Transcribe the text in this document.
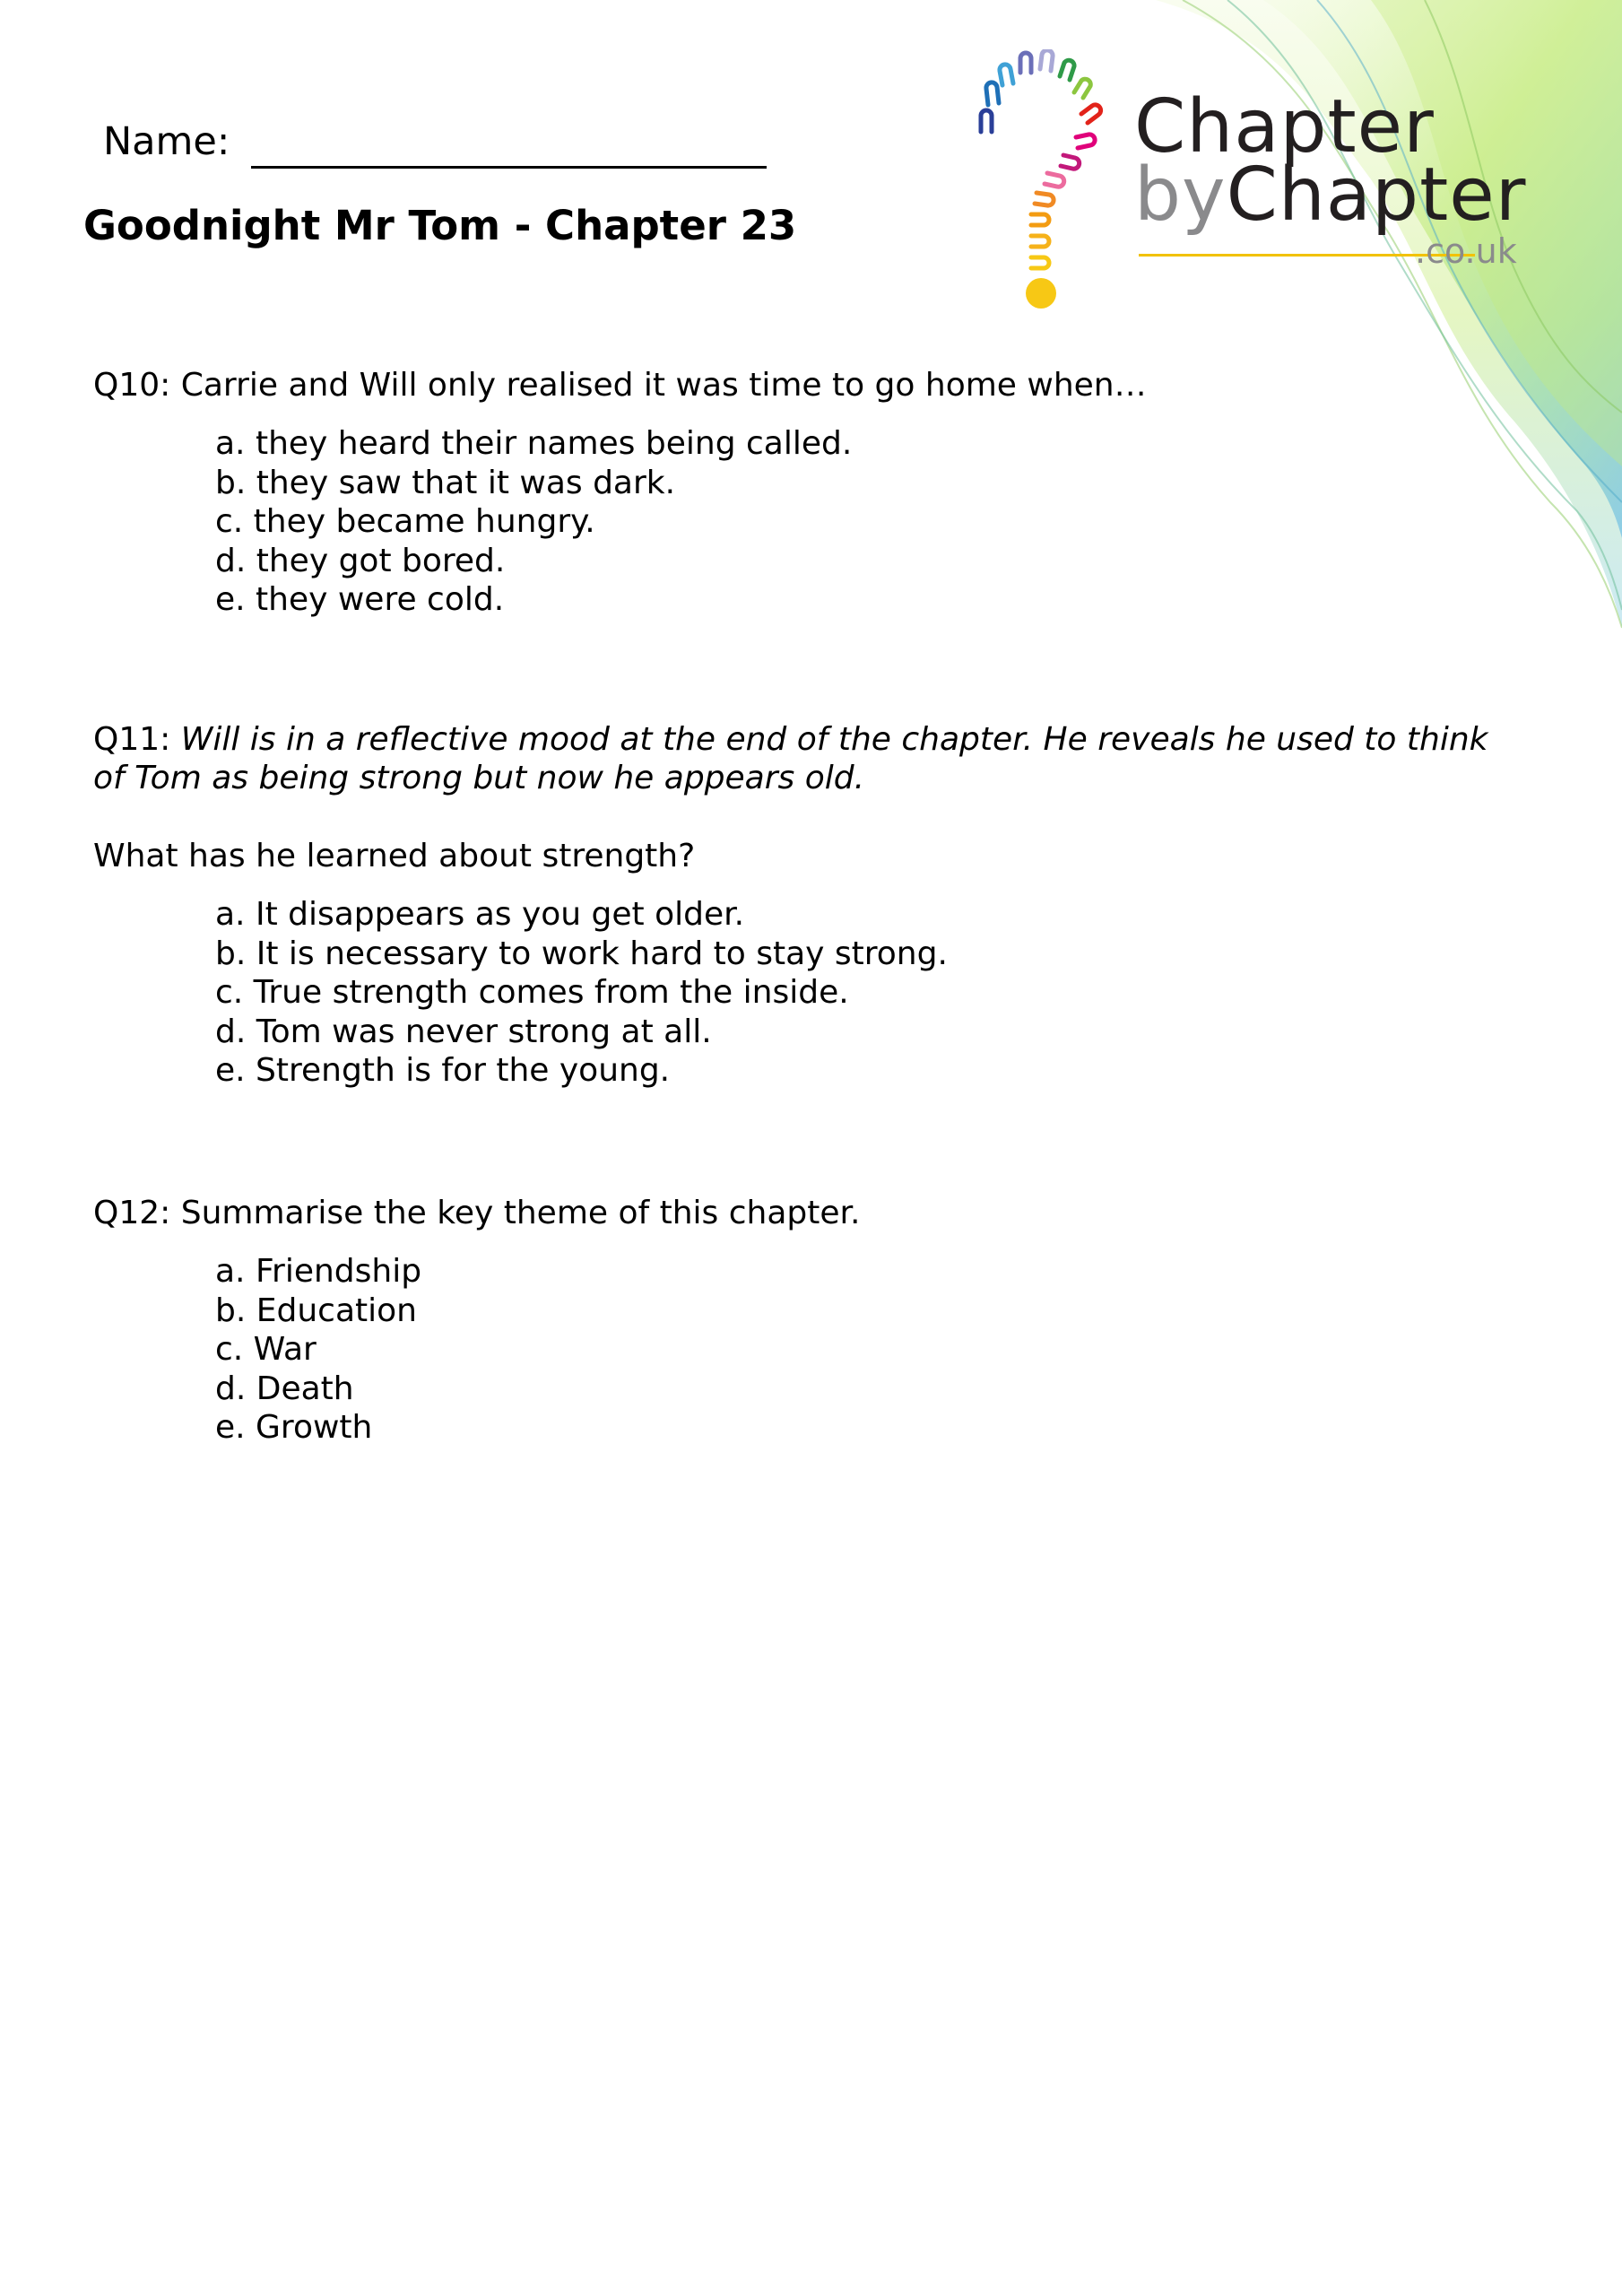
Name:
Goodnight Mr Tom - Chapter 23
Chapter
byChapter
.co.uk

Q10: Carrie and Will only realised it was time to go home when…

a. they heard their names being called.
b. they saw that it was dark.
c. they became hungry.
d. they got bored.
e. they were cold.

Q11: Will is in a reflective mood at the end of the chapter. He reveals he used to think of Tom as being strong but now he appears old.

What has he learned about strength?

a. It disappears as you get older.
b. It is necessary to work hard to stay strong.
c. True strength comes from the inside.
d. Tom was never strong at all.
e. Strength is for the young.

Q12: Summarise the key theme of this chapter.

a. Friendship
b. Education
c. War
d. Death
e. Growth
